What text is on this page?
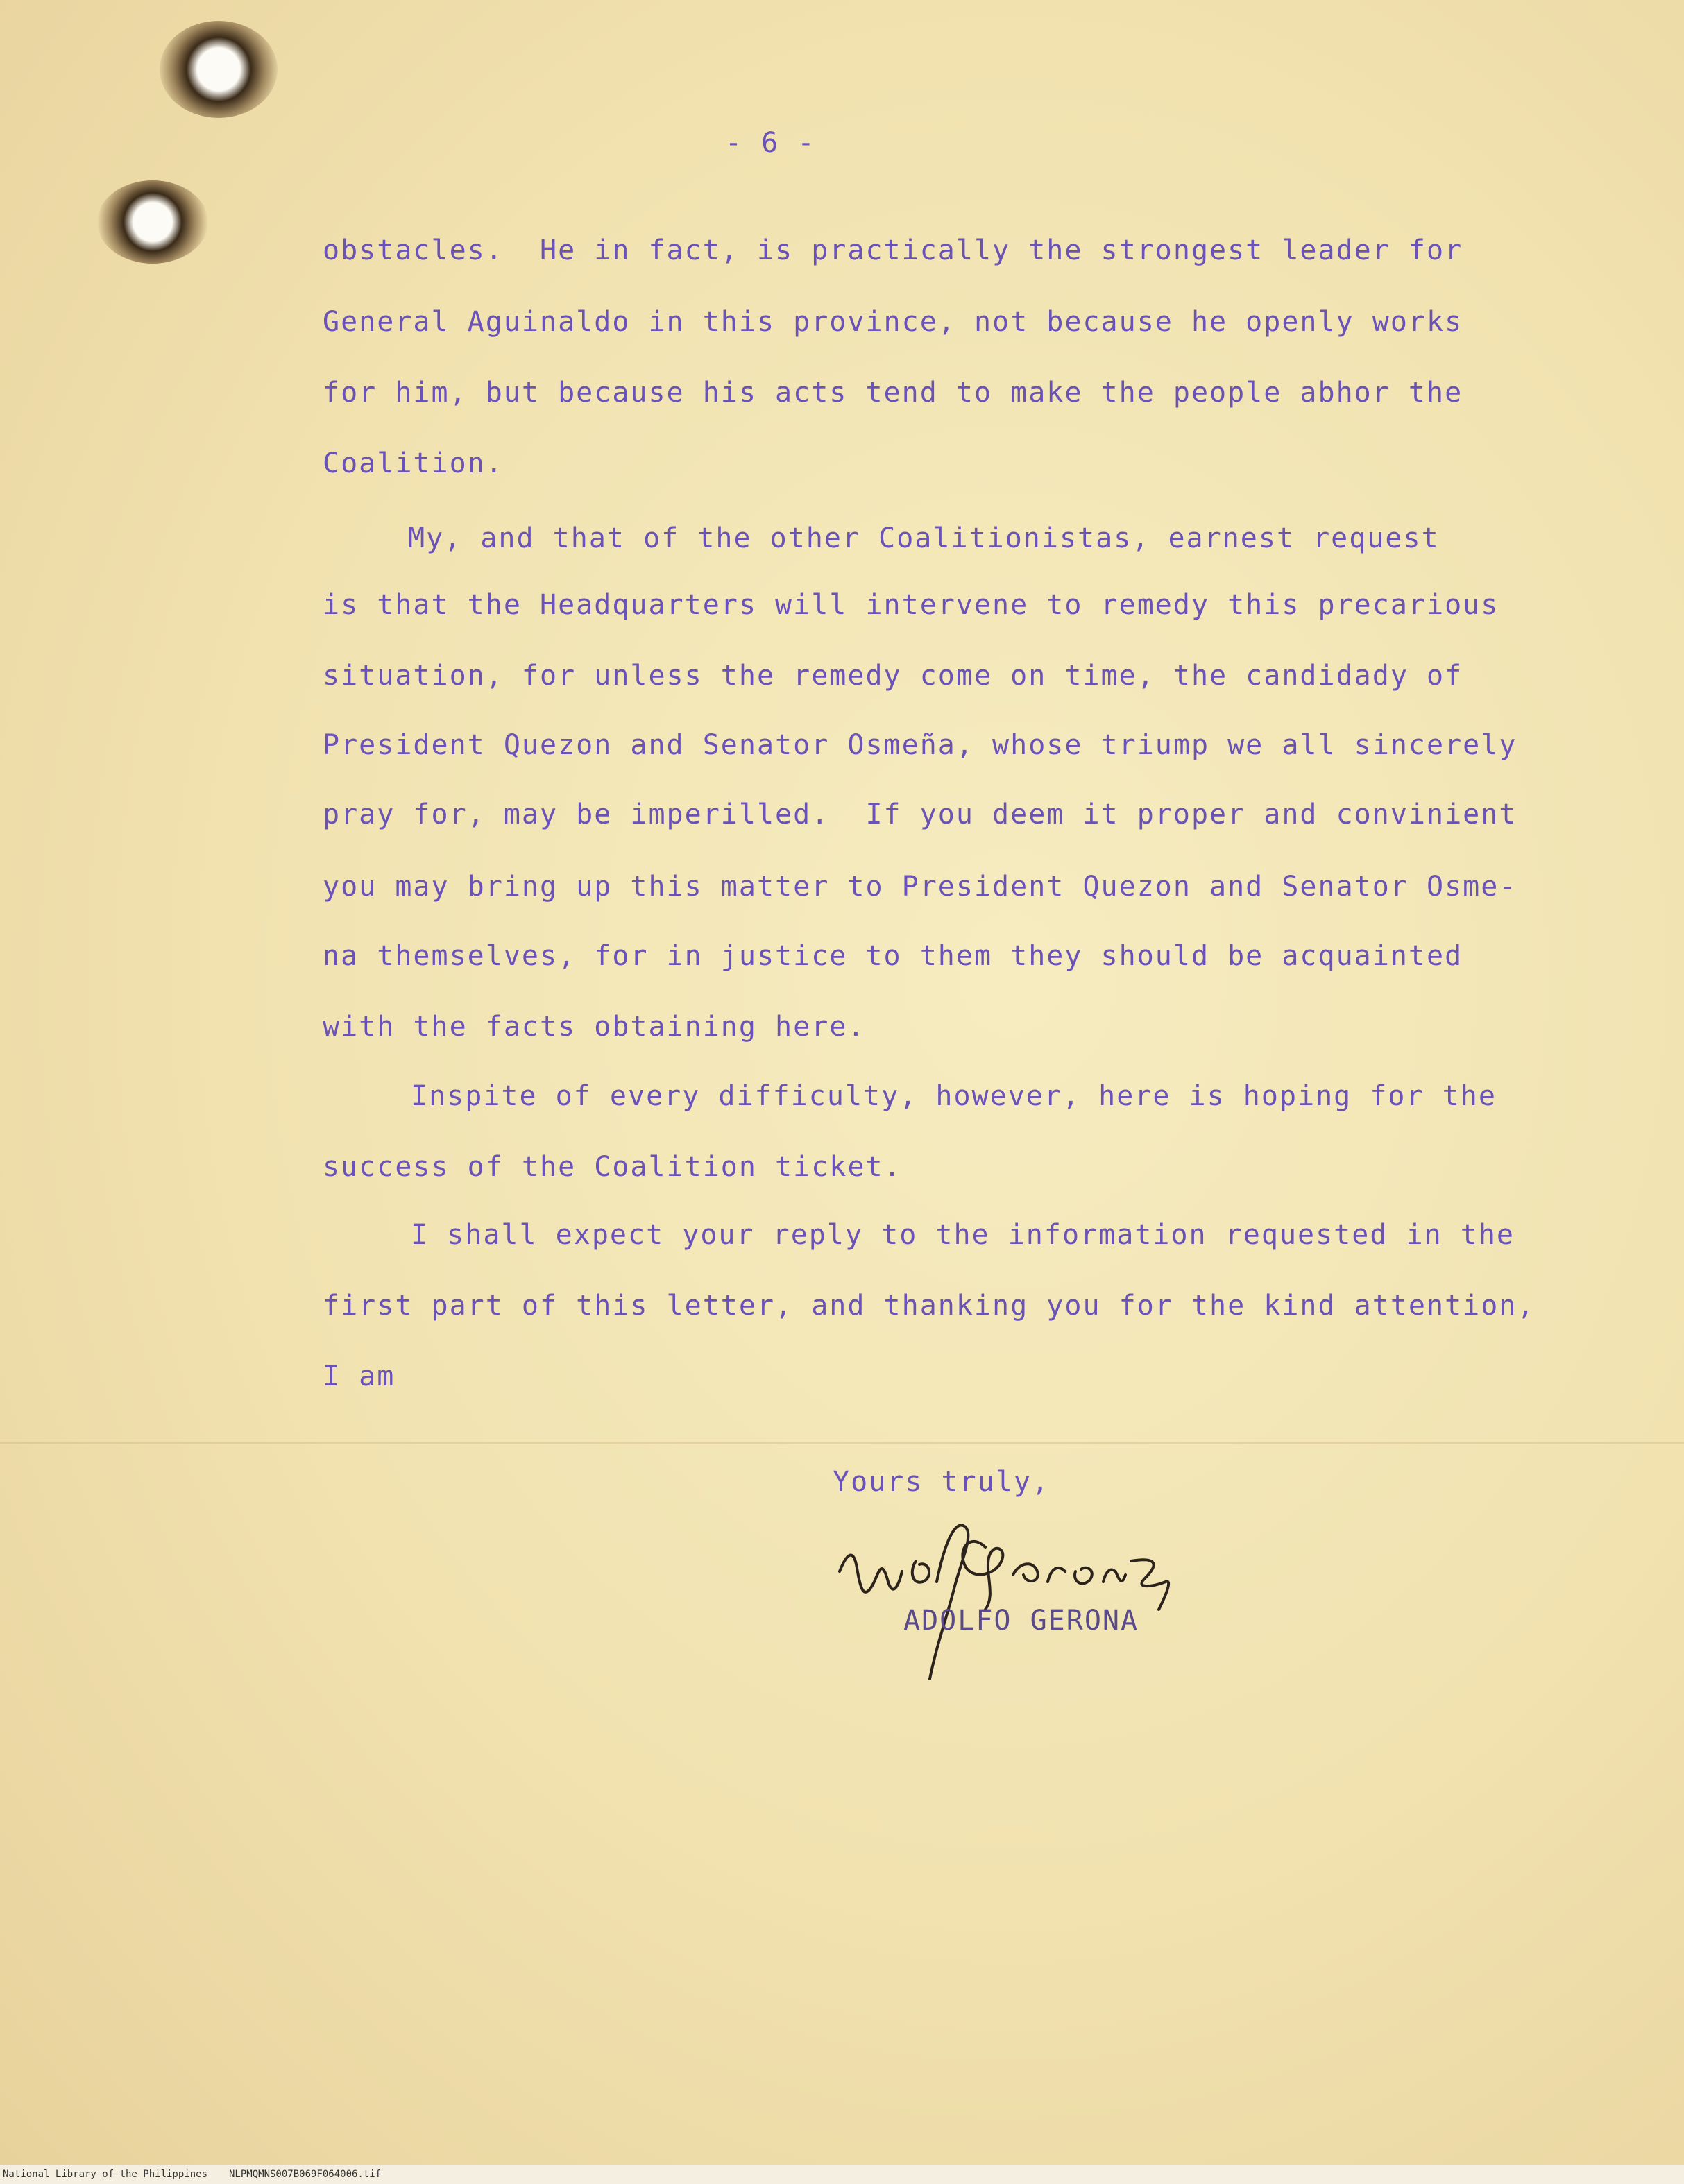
- 6 -

obstacles.  He in fact, is practically the strongest leader for

General Aguinaldo in this province, not because he openly works

for him, but because his acts tend to make the people abhor the

Coalition.

My, and that of the other Coalitionistas, earnest request

is that the Headquarters will intervene to remedy this precarious

situation, for unless the remedy come on time, the candidady of

President Quezon and Senator Osmeña, whose triump we all sincerely

pray for, may be imperilled.  If you deem it proper and convinient

you may bring up this matter to President Quezon and Senator Osme-

na themselves, for in justice to them they should be acquainted

with the facts obtaining here.

Inspite of every difficulty, however, here is hoping for the

success of the Coalition ticket.

I shall expect your reply to the information requested in the

first part of this letter, and thanking you for the kind attention,

I am

Yours truly,

ADOLFO GERONA

National Library of the Philippines NLPMQMNS007B069F064006.tif
